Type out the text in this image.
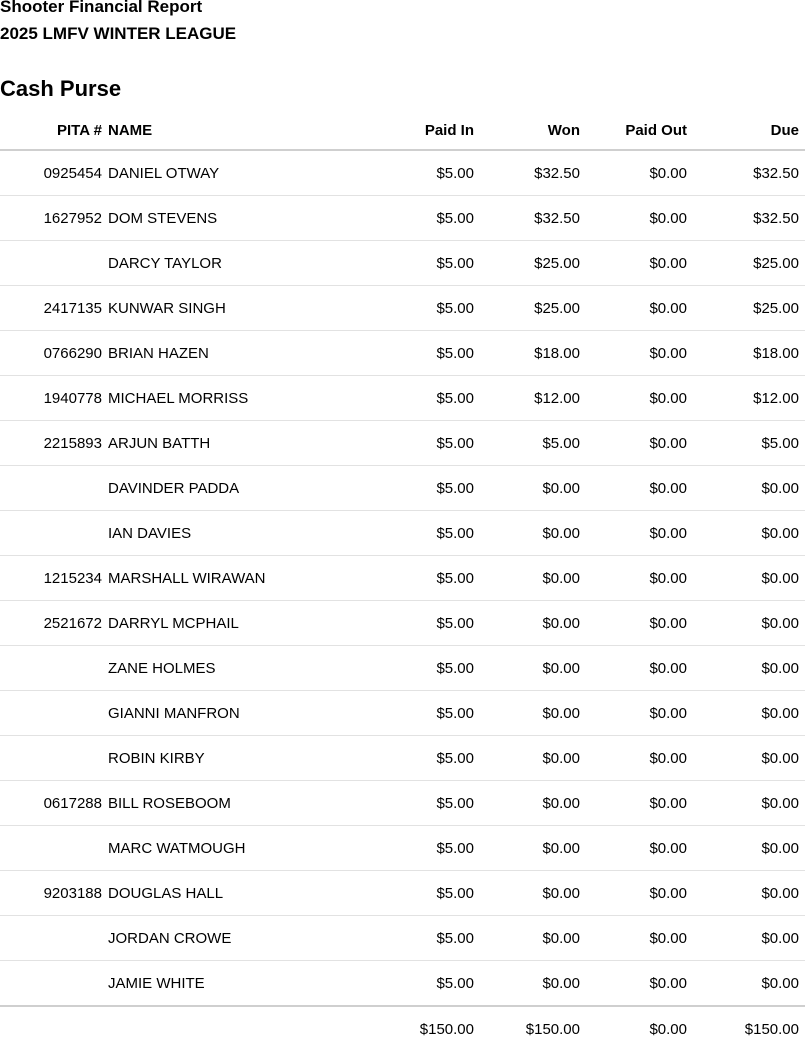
Shooter Financial Report
2025 LMFV WINTER LEAGUE
Cash Purse
PITA #	NAME	Paid In	Won	Paid Out	Due
0925454	DANIEL OTWAY	$5.00	$32.50	$0.00	$32.50
1627952	DOM STEVENS	$5.00	$32.50	$0.00	$32.50
	DARCY TAYLOR	$5.00	$25.00	$0.00	$25.00
2417135	KUNWAR SINGH	$5.00	$25.00	$0.00	$25.00
0766290	BRIAN HAZEN	$5.00	$18.00	$0.00	$18.00
1940778	MICHAEL MORRISS	$5.00	$12.00	$0.00	$12.00
2215893	ARJUN BATTH	$5.00	$5.00	$0.00	$5.00
	DAVINDER PADDA	$5.00	$0.00	$0.00	$0.00
	IAN DAVIES	$5.00	$0.00	$0.00	$0.00
1215234	MARSHALL WIRAWAN	$5.00	$0.00	$0.00	$0.00
2521672	DARRYL MCPHAIL	$5.00	$0.00	$0.00	$0.00
	ZANE HOLMES	$5.00	$0.00	$0.00	$0.00
	GIANNI MANFRON	$5.00	$0.00	$0.00	$0.00
	ROBIN KIRBY	$5.00	$0.00	$0.00	$0.00
0617288	BILL ROSEBOOM	$5.00	$0.00	$0.00	$0.00
	MARC WATMOUGH	$5.00	$0.00	$0.00	$0.00
9203188	DOUGLAS HALL	$5.00	$0.00	$0.00	$0.00
	JORDAN CROWE	$5.00	$0.00	$0.00	$0.00
	JAMIE WHITE	$5.00	$0.00	$0.00	$0.00
		$150.00	$150.00	$0.00	$150.00
